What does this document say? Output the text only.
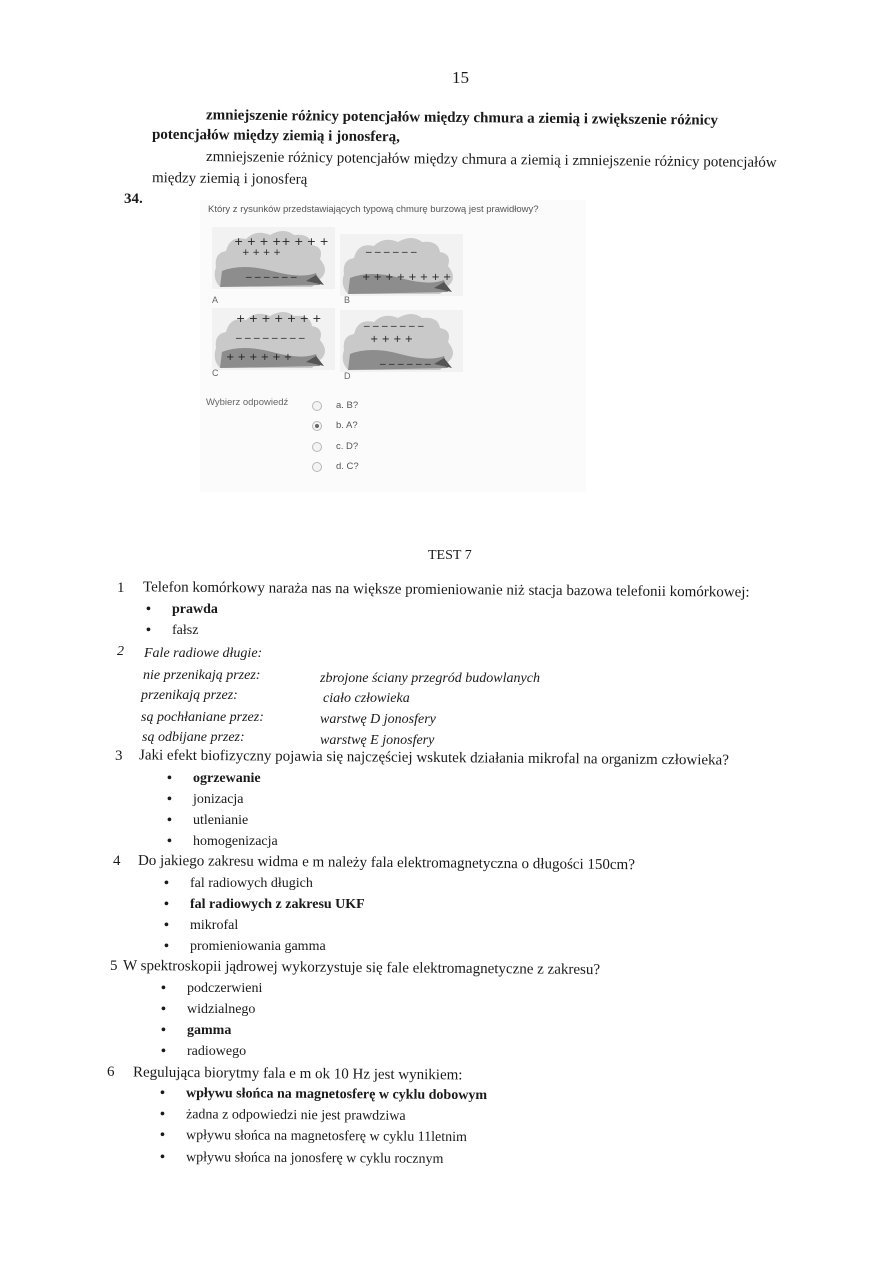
15
zmniejszenie różnicy potencjałów między chmura a ziemią i zwiększenie różnicy
potencjałów między ziemią i jonosferą,
zmniejszenie różnicy potencjałów między chmura a ziemią i zmniejszenie różnicy potencjałów
między ziemią i jonosferą
34.
Który z rysunków przedstawiających typową chmurę burzową jest prawidłowy?
+ + + ++ + + +
+ + + +
_ _ _ _ _ _
A
_ _ _ _ _ _
+ + + + + + + +
B
+ + + + + + +
_ _ _ _ _ _ _ _
+ + + + + +
C
_ _ _ _ _ _ _
+ + + +
_ _ _ _ _ _
D
Wybierz odpowiedź	a. B?
b. A?
c. D?
d. C?
TEST 7
1 Telefon komórkowy naraża nas na większe promieniowanie niż stacja bazowa telefonii komórkowej:
• prawda
• fałsz
2 Fale radiowe długie:
nie przenikają przez:	zbrojone ściany przegród budowlanych
przenikają przez:	ciało człowieka
są pochłaniane przez:	warstwę D jonosfery
są odbijane przez:	warstwę E jonosfery
3 Jaki efekt biofizyczny pojawia się najczęściej wskutek działania mikrofal na organizm człowieka?
• ogrzewanie
• jonizacja
• utlenianie
• homogenizacja
4 Do jakiego zakresu widma e m należy fala elektromagnetyczna o długości 150cm?
• fal radiowych długich
• fal radiowych z zakresu UKF
• mikrofal
• promieniowania gamma
5 W spektroskopii jądrowej wykorzystuje się fale elektromagnetyczne z zakresu?
• podczerwieni
• widzialnego
• gamma
• radiowego
6 Regulująca biorytmy fala e m ok 10 Hz jest wynikiem:
• wpływu słońca na magnetosferę w cyklu dobowym
• żadna z odpowiedzi nie jest prawdziwa
• wpływu słońca na magnetosferę w cyklu 11letnim
• wpływu słońca na jonosferę w cyklu rocznym
